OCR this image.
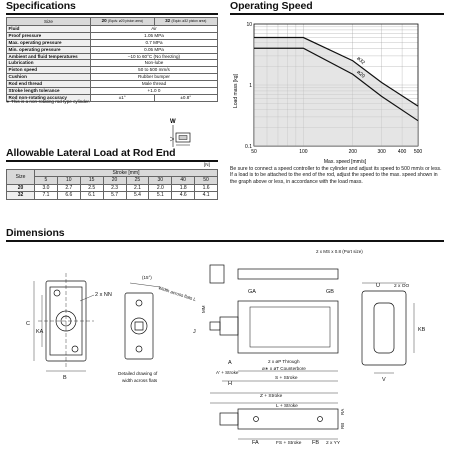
Specifications
Size	20 (Equiv. ø20 piston area)	32 (Equiv. ø32 piston area)
Fluid	Air	
Proof pressure	1.05 MPa	
Max. operating pressure	0.7 MPa	
Min. operating pressure	0.05 MPa	
Ambient and fluid temperatures	–10 to 60°C (No freezing)	
Lubrication	Non-lube	
Piston speed	50 to 500 mm/s	
Cushion	Rubber bumper	
Rod end thread	Male thread	
Stroke length tolerance	+1.0 0	
Rod non-rotating accuracy	±1°	±0.8°
∗ This is a non-rotating rod type cylinder.
W
Operating Speed
ø32
ø20
50	100	200	300 400 500
0.1
1
10
Load mass [kg]
Max. speed [mm/s]
Be sure to connect a speed controller to the cylinder and adjust its speed to 500 mm/s or less. If a load is to be attached to the end of the rod, adjust the speed to the max. speed shown in the graph above or less, in accordance with the load mass.
Allowable Lateral Load at Rod End
[N]
Size	Stroke [mm]							
	5	10	15	20	25	30	40	50
20	3.0	2.7	2.5	2.3	2.1	2.0	1.8	1.6
32	7.1	6.6	6.1	5.7	5.4	5.1	4.6	4.1
Dimensions
C
KA
B
2 x NN
(15°)
Width across flats L
Detailed drawing of
width across flats
MM
J
2 x MS x 0.8 (Port size)
GA	GB
2 x øP Through
ø∗ x øT Counterbore
A
A' + Stroke
H
S + Stroke
Z + Stroke
L + Stroke
FA	FS + Stroke FB 2 x YY
RA
RB
U	2 x OO
KB
V
